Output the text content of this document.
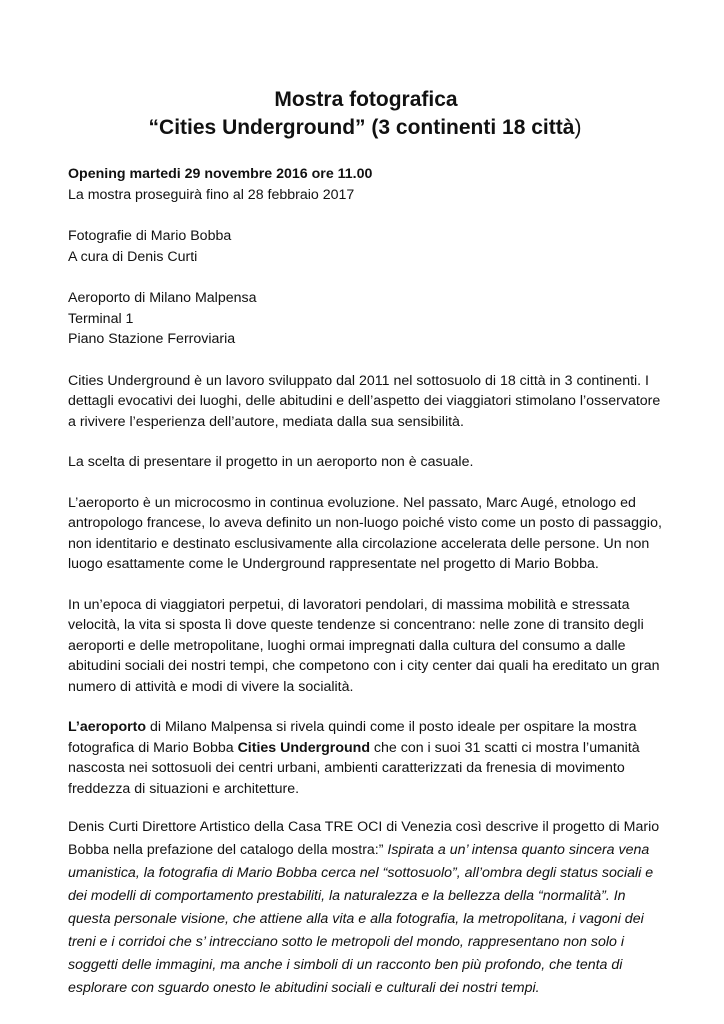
Mostra fotografica
“Cities Underground” (3 continenti 18 città)

Opening martedi 29 novembre 2016 ore 11.00

La mostra proseguirà fino al 28 febbraio 2017

Fotografie di Mario Bobba

A cura di Denis Curti

Aeroporto di Milano Malpensa

Terminal 1

Piano Stazione Ferroviaria

Cities Underground è un lavoro sviluppato dal 2011 nel sottosuolo di 18 città in 3 continenti. I dettagli evocativi dei luoghi, delle abitudini e dell’aspetto dei viaggiatori stimolano l’osservatore a rivivere l’esperienza dell’autore, mediata dalla sua sensibilità.

La scelta di presentare il progetto in un aeroporto non è casuale.

L’aeroporto è un microcosmo in continua evoluzione. Nel passato, Marc Augé, etnologo ed antropologo francese, lo aveva definito un non-luogo poiché visto come un posto di passaggio, non identitario e destinato esclusivamente alla circolazione accelerata delle persone. Un non luogo esattamente come le Underground rappresentate nel progetto di Mario Bobba.

In un’epoca di viaggiatori perpetui, di lavoratori pendolari, di massima mobilità e stressata velocità, la vita si sposta lì dove queste tendenze si concentrano: nelle zone di transito degli aeroporti e delle metropolitane, luoghi ormai impregnati dalla cultura del consumo a dalle abitudini sociali dei nostri tempi, che competono con i city center dai quali ha ereditato un gran numero di attività e modi di vivere la socialità.

L’aeroporto di Milano Malpensa si rivela quindi come il posto ideale per ospitare la mostra fotografica di Mario Bobba Cities Underground che con i suoi 31 scatti ci mostra l’umanità nascosta nei sottosuoli dei centri urbani, ambienti caratterizzati da frenesia di movimento freddezza di situazioni e architetture.

Denis Curti Direttore Artistico della Casa TRE OCI di Venezia così descrive il progetto di Mario Bobba nella prefazione del catalogo della mostra:” Ispirata a un’ intensa quanto sincera vena umanistica, la fotografia di Mario Bobba cerca nel “sottosuolo”, all’ombra degli status sociali e dei modelli di comportamento prestabiliti, la naturalezza e la bellezza della “normalità”. In questa personale visione, che attiene alla vita e alla fotografia, la metropolitana, i vagoni dei treni e i corridoi che s’ intrecciano sotto le metropoli del mondo, rappresentano non solo i soggetti delle immagini, ma anche i simboli di un racconto ben più profondo, che tenta di esplorare con sguardo onesto le abitudini sociali e culturali dei nostri tempi.
